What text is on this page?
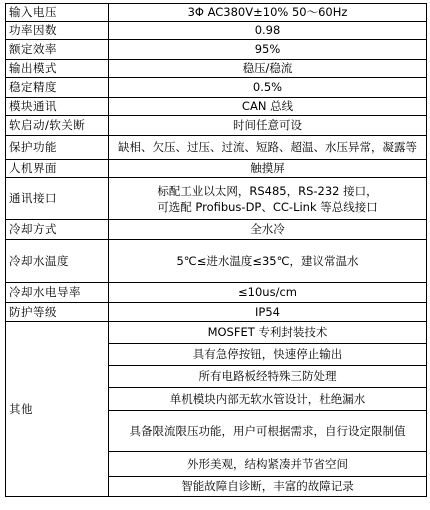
输入电压	3Φ AC380V±10% 50～60Hz
功率因数	0.98
额定效率	95%
输出模式	稳压/稳流
稳定精度	0.5%
模块通讯	CAN 总线
软启动/软关断	时间任意可设
保护功能	缺相、欠压、过压、过流、短路、超温、水压异常，凝露等
人机界面	触摸屏
通讯接口	标配工业以太网，RS485，RS-232 接口，
可选配 Profibus-DP、CC-Link 等总线接口

冷却方式	全水冷
冷却水温度	5℃≤进水温度≤35℃，建议常温水
冷却水电导率	≤10us/cm
防护等级	IP54
其他	MOSFET 专利封装技术
	具有急停按钮，快速停止输出
	所有电路板经特殊三防处理
	单机模块内部无软水管设计，杜绝漏水
	具备限流限压功能，用户可根据需求，自行设定限制值
	外形美观，结构紧凑并节省空间
	智能故障自诊断，丰富的故障记录
